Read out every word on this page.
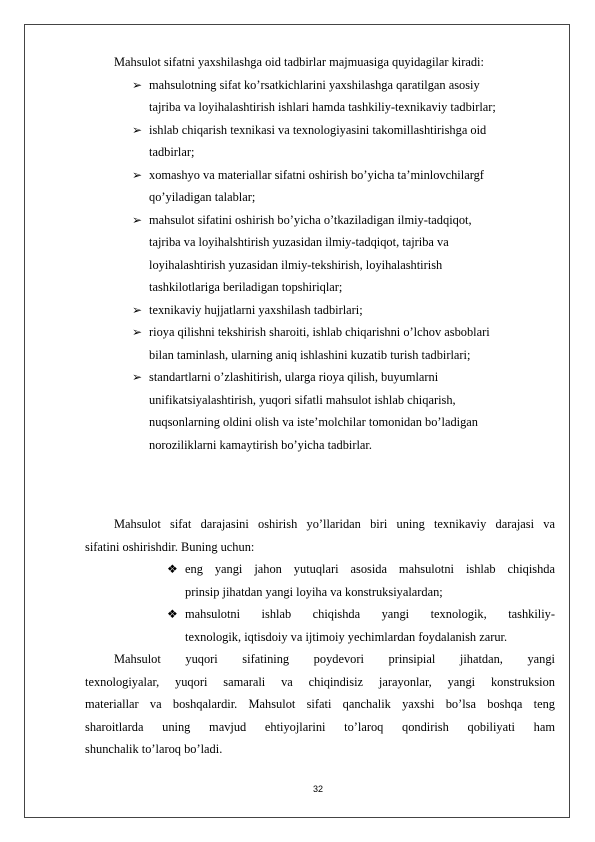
Mahsulot sifatni yaxshilashga oid tadbirlar majmuasiga quyidagilar kiradi:
➢ mahsulotning sifat ko’rsatkichlarini yaxshilashga qaratilgan asosiy
tajriba va loyihalashtirish ishlari hamda tashkiliy-texnikaviy tadbirlar;
➢ ishlab chiqarish texnikasi va texnologiyasini takomillashtirishga oid
tadbirlar;
➢ xomashyo va materiallar sifatni oshirish bo’yicha ta’minlovchilargf
qo’yiladigan talablar;
➢ mahsulot sifatini oshirish bo’yicha o’tkaziladigan ilmiy-tadqiqot,
tajriba va loyihalshtirish yuzasidan ilmiy-tadqiqot, tajriba va
loyihalashtirish yuzasidan ilmiy-tekshirish, loyihalashtirish
tashkilotlariga beriladigan topshiriqlar;
➢ texnikaviy hujjatlarni yaxshilash tadbirlari;
➢ rioya qilishni tekshirish sharoiti, ishlab chiqarishni o’lchov asboblari
bilan taminlash, ularning aniq ishlashini kuzatib turish tadbirlari;
➢ standartlarni o’zlashitirish, ularga rioya qilish, buyumlarni
unifikatsiyalashtirish, yuqori sifatli mahsulot ishlab chiqarish,
nuqsonlarning oldini olish va iste’molchilar tomonidan bo’ladigan
noroziliklarni kamaytirish bo’yicha tadbirlar.
Mahsulot sifat darajasini oshirish yo’llaridan biri uning texnikaviy darajasi va
sifatini oshirishdir. Buning uchun:
❖ eng yangi jahon yutuqlari asosida mahsulotni ishlab chiqishda
prinsip jihatdan yangi loyiha va konstruksiyalardan;
❖ mahsulotni ishlab chiqishda yangi texnologik, tashkiliy-
texnologik, iqtisdoiy va ijtimoiy yechimlardan foydalanish zarur.
Mahsulot yuqori sifatining poydevori prinsipial jihatdan, yangi
texnologiyalar, yuqori samarali va chiqindisiz jarayonlar, yangi konstruksion
materiallar va boshqalardir. Mahsulot sifati qanchalik yaxshi bo’lsa boshqa teng
sharoitlarda uning mavjud ehtiyojlarini to’laroq qondirish qobiliyati ham
shunchalik to’laroq bo’ladi.
32
